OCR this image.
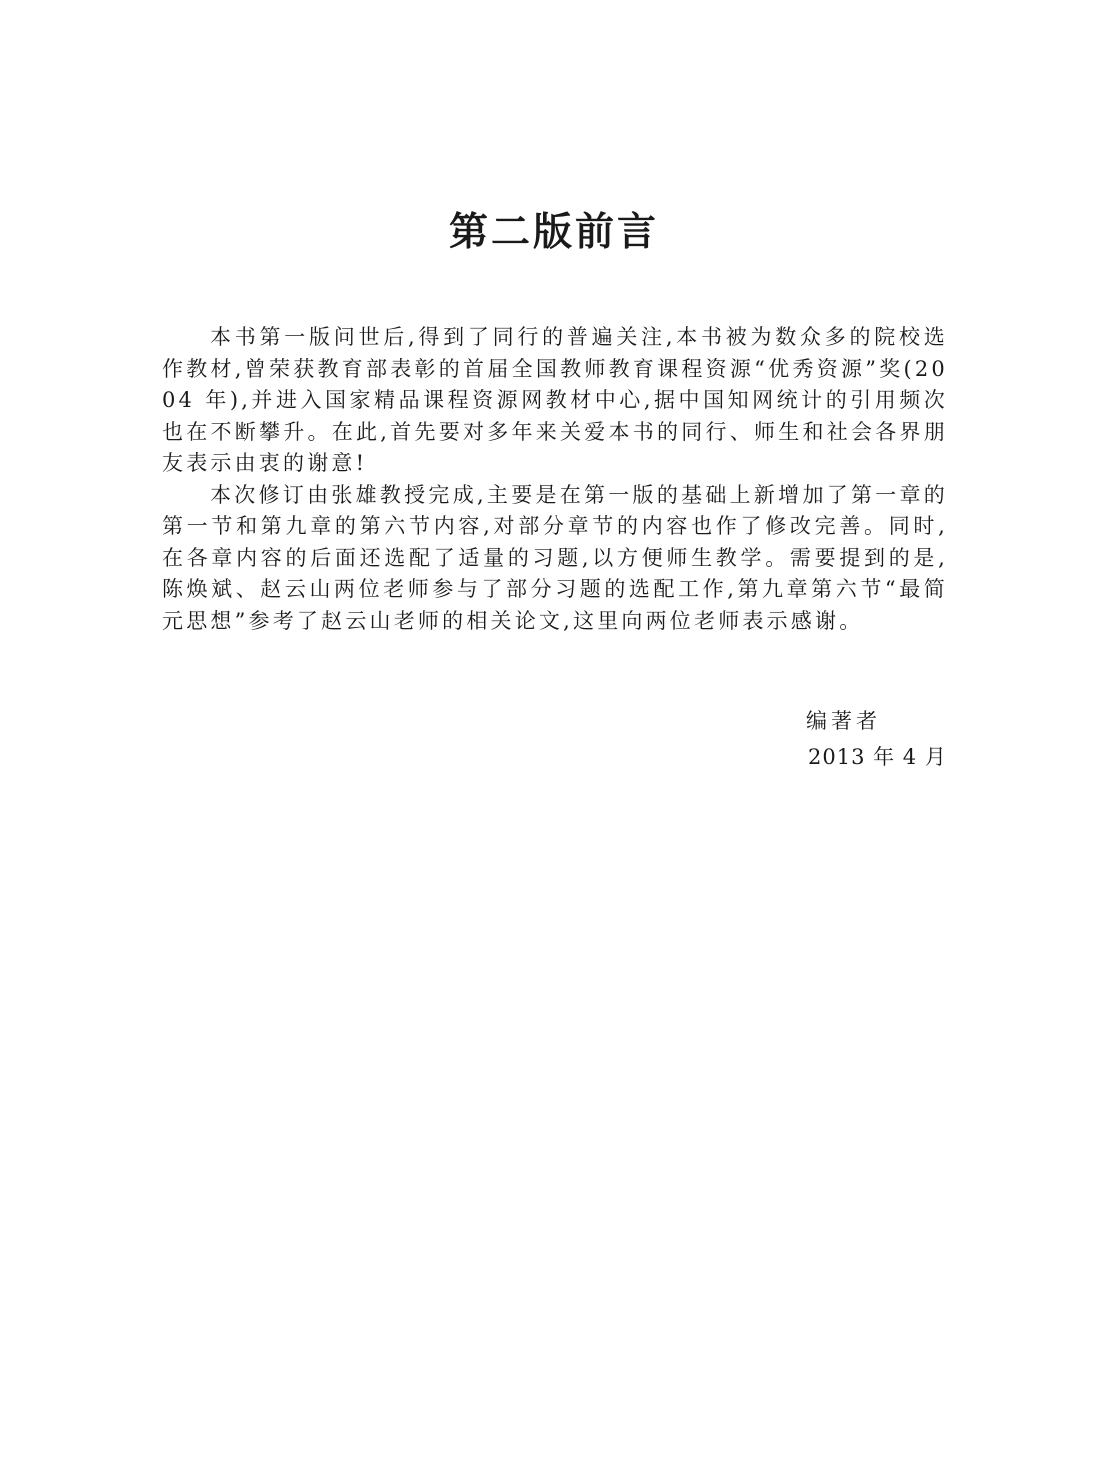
第二版前言

本书第一版问世后,得到了同行的普遍关注,本书被为数众多的院校选作教材,曾荣获教育部表彰的首届全国教师教育课程资源“优秀资源”奖(2004 年),并进入国家精品课程资源网教材中心,据中国知网统计的引用频次也在不断攀升。在此,首先要对多年来关爱本书的同行、师生和社会各界朋友表示由衷的谢意!

本次修订由张雄教授完成,主要是在第一版的基础上新增加了第一章的第一节和第九章的第六节内容,对部分章节的内容也作了修改完善。同时,在各章内容的后面还选配了适量的习题,以方便师生教学。需要提到的是,陈焕斌、赵云山两位老师参与了部分习题的选配工作,第九章第六节“最简元思想”参考了赵云山老师的相关论文,这里向两位老师表示感谢。

编著者
2013 年 4 月
